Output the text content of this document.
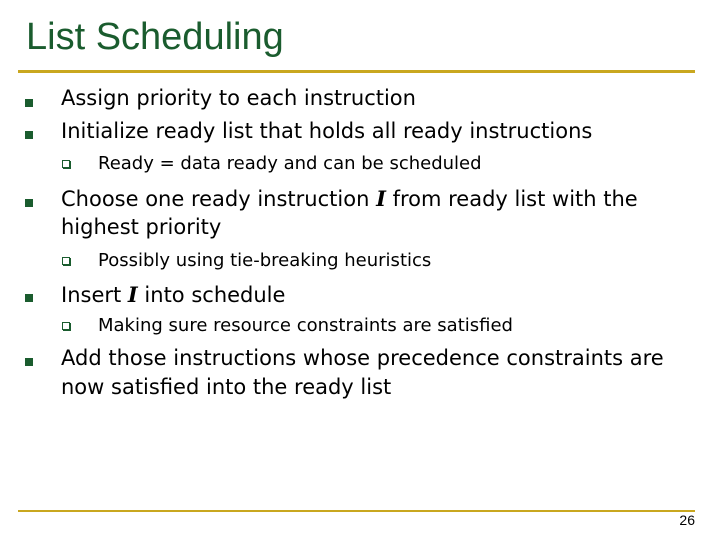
List Scheduling
Assign priority to each instruction
Initialize ready list that holds all ready instructions
Ready = data ready and can be scheduled
Choose one ready instruction I from ready list with the
highest priority
Possibly using tie-breaking heuristics
Insert I into schedule
Making sure resource constraints are satisfied
Add those instructions whose precedence constraints are
now satisfied into the ready list
26
